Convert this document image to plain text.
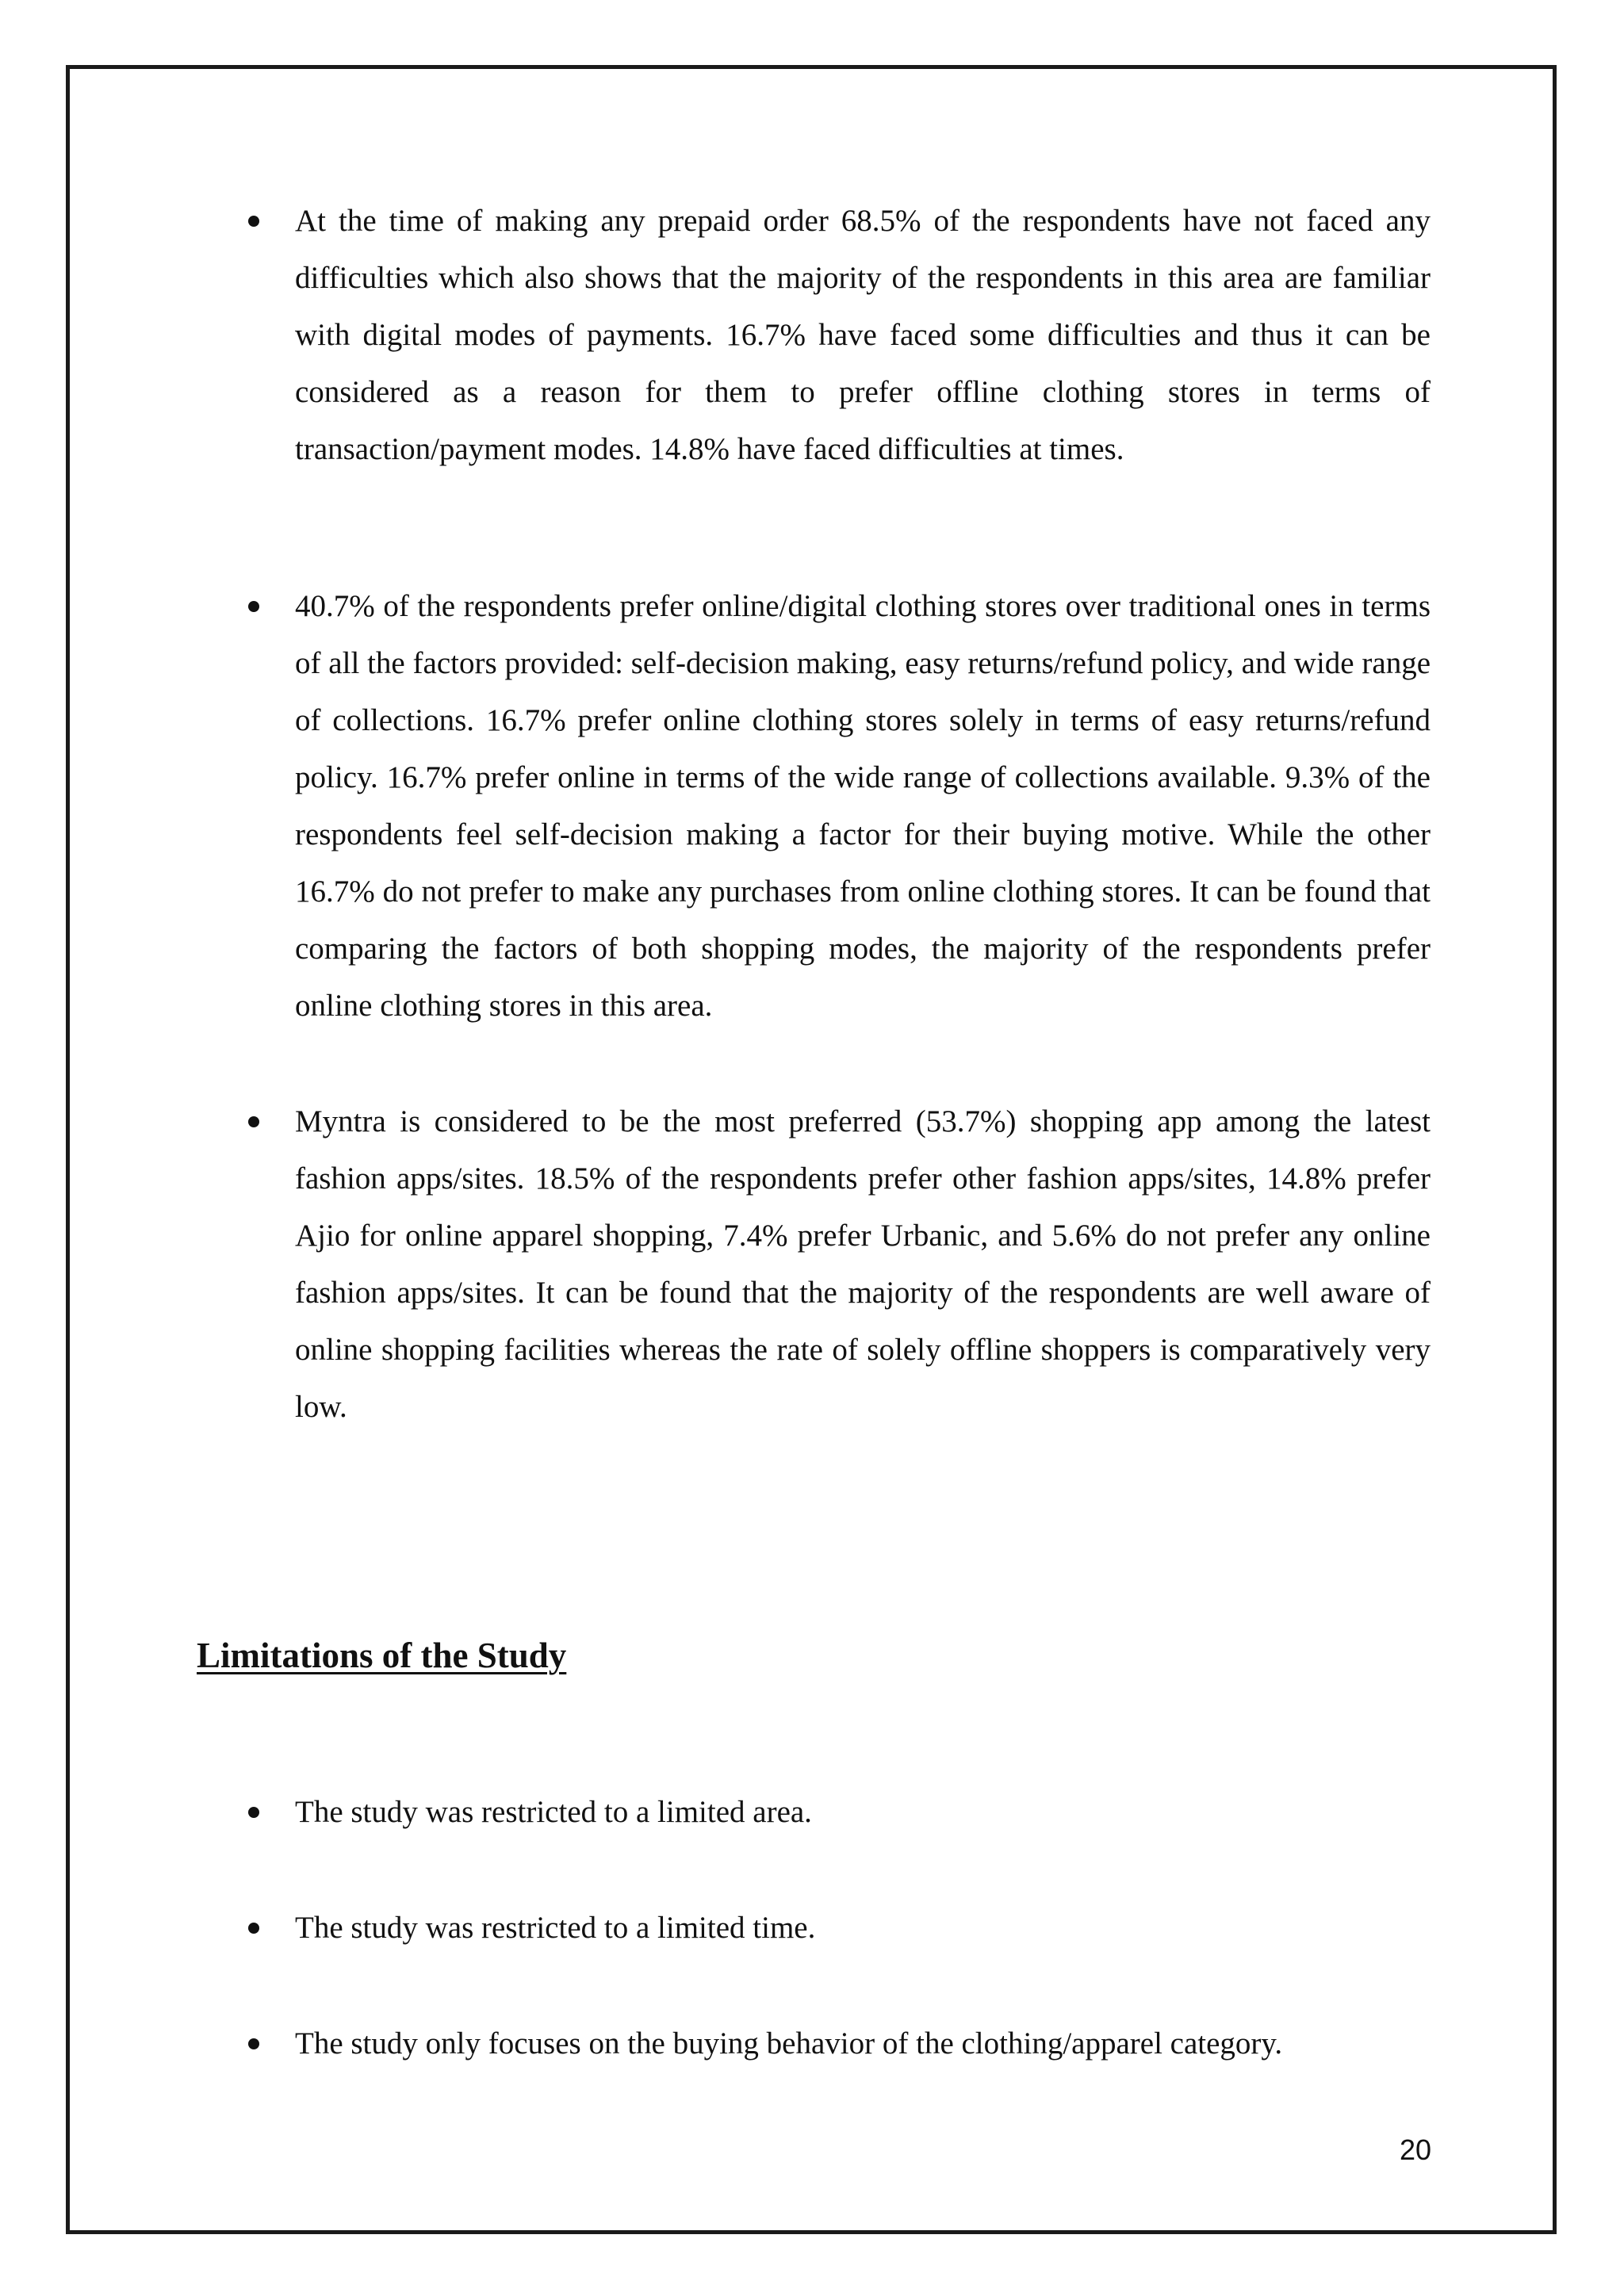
At the time of making any prepaid order 68.5% of the respondents have not faced any difficulties which also shows that the majority of the respondents in this area are familiar with digital modes of payments. 16.7% have faced some difficulties and thus it can be considered as a reason for them to prefer offline clothing stores in terms of transaction/payment modes. 14.8% have faced difficulties at times.

40.7% of the respondents prefer online/digital clothing stores over traditional ones in terms of all the factors provided: self-decision making, easy returns/refund policy, and wide range of collections. 16.7% prefer online clothing stores solely in terms of easy returns/refund policy. 16.7% prefer online in terms of the wide range of collections available. 9.3% of the respondents feel self-decision making a factor for their buying motive. While the other 16.7% do not prefer to make any purchases from online clothing stores. It can be found that comparing the factors of both shopping modes, the majority of the respondents prefer online clothing stores in this area.

Myntra is considered to be the most preferred (53.7%) shopping app among the latest fashion apps/sites. 18.5% of the respondents prefer other fashion apps/sites, 14.8% prefer Ajio for online apparel shopping, 7.4% prefer Urbanic, and 5.6% do not prefer any online fashion apps/sites. It can be found that the majority of the respondents are well aware of online shopping facilities whereas the rate of solely offline shoppers is comparatively very low.

Limitations of the Study

The study was restricted to a limited area.

The study was restricted to a limited time.

The study only focuses on the buying behavior of the clothing/apparel category.

20
